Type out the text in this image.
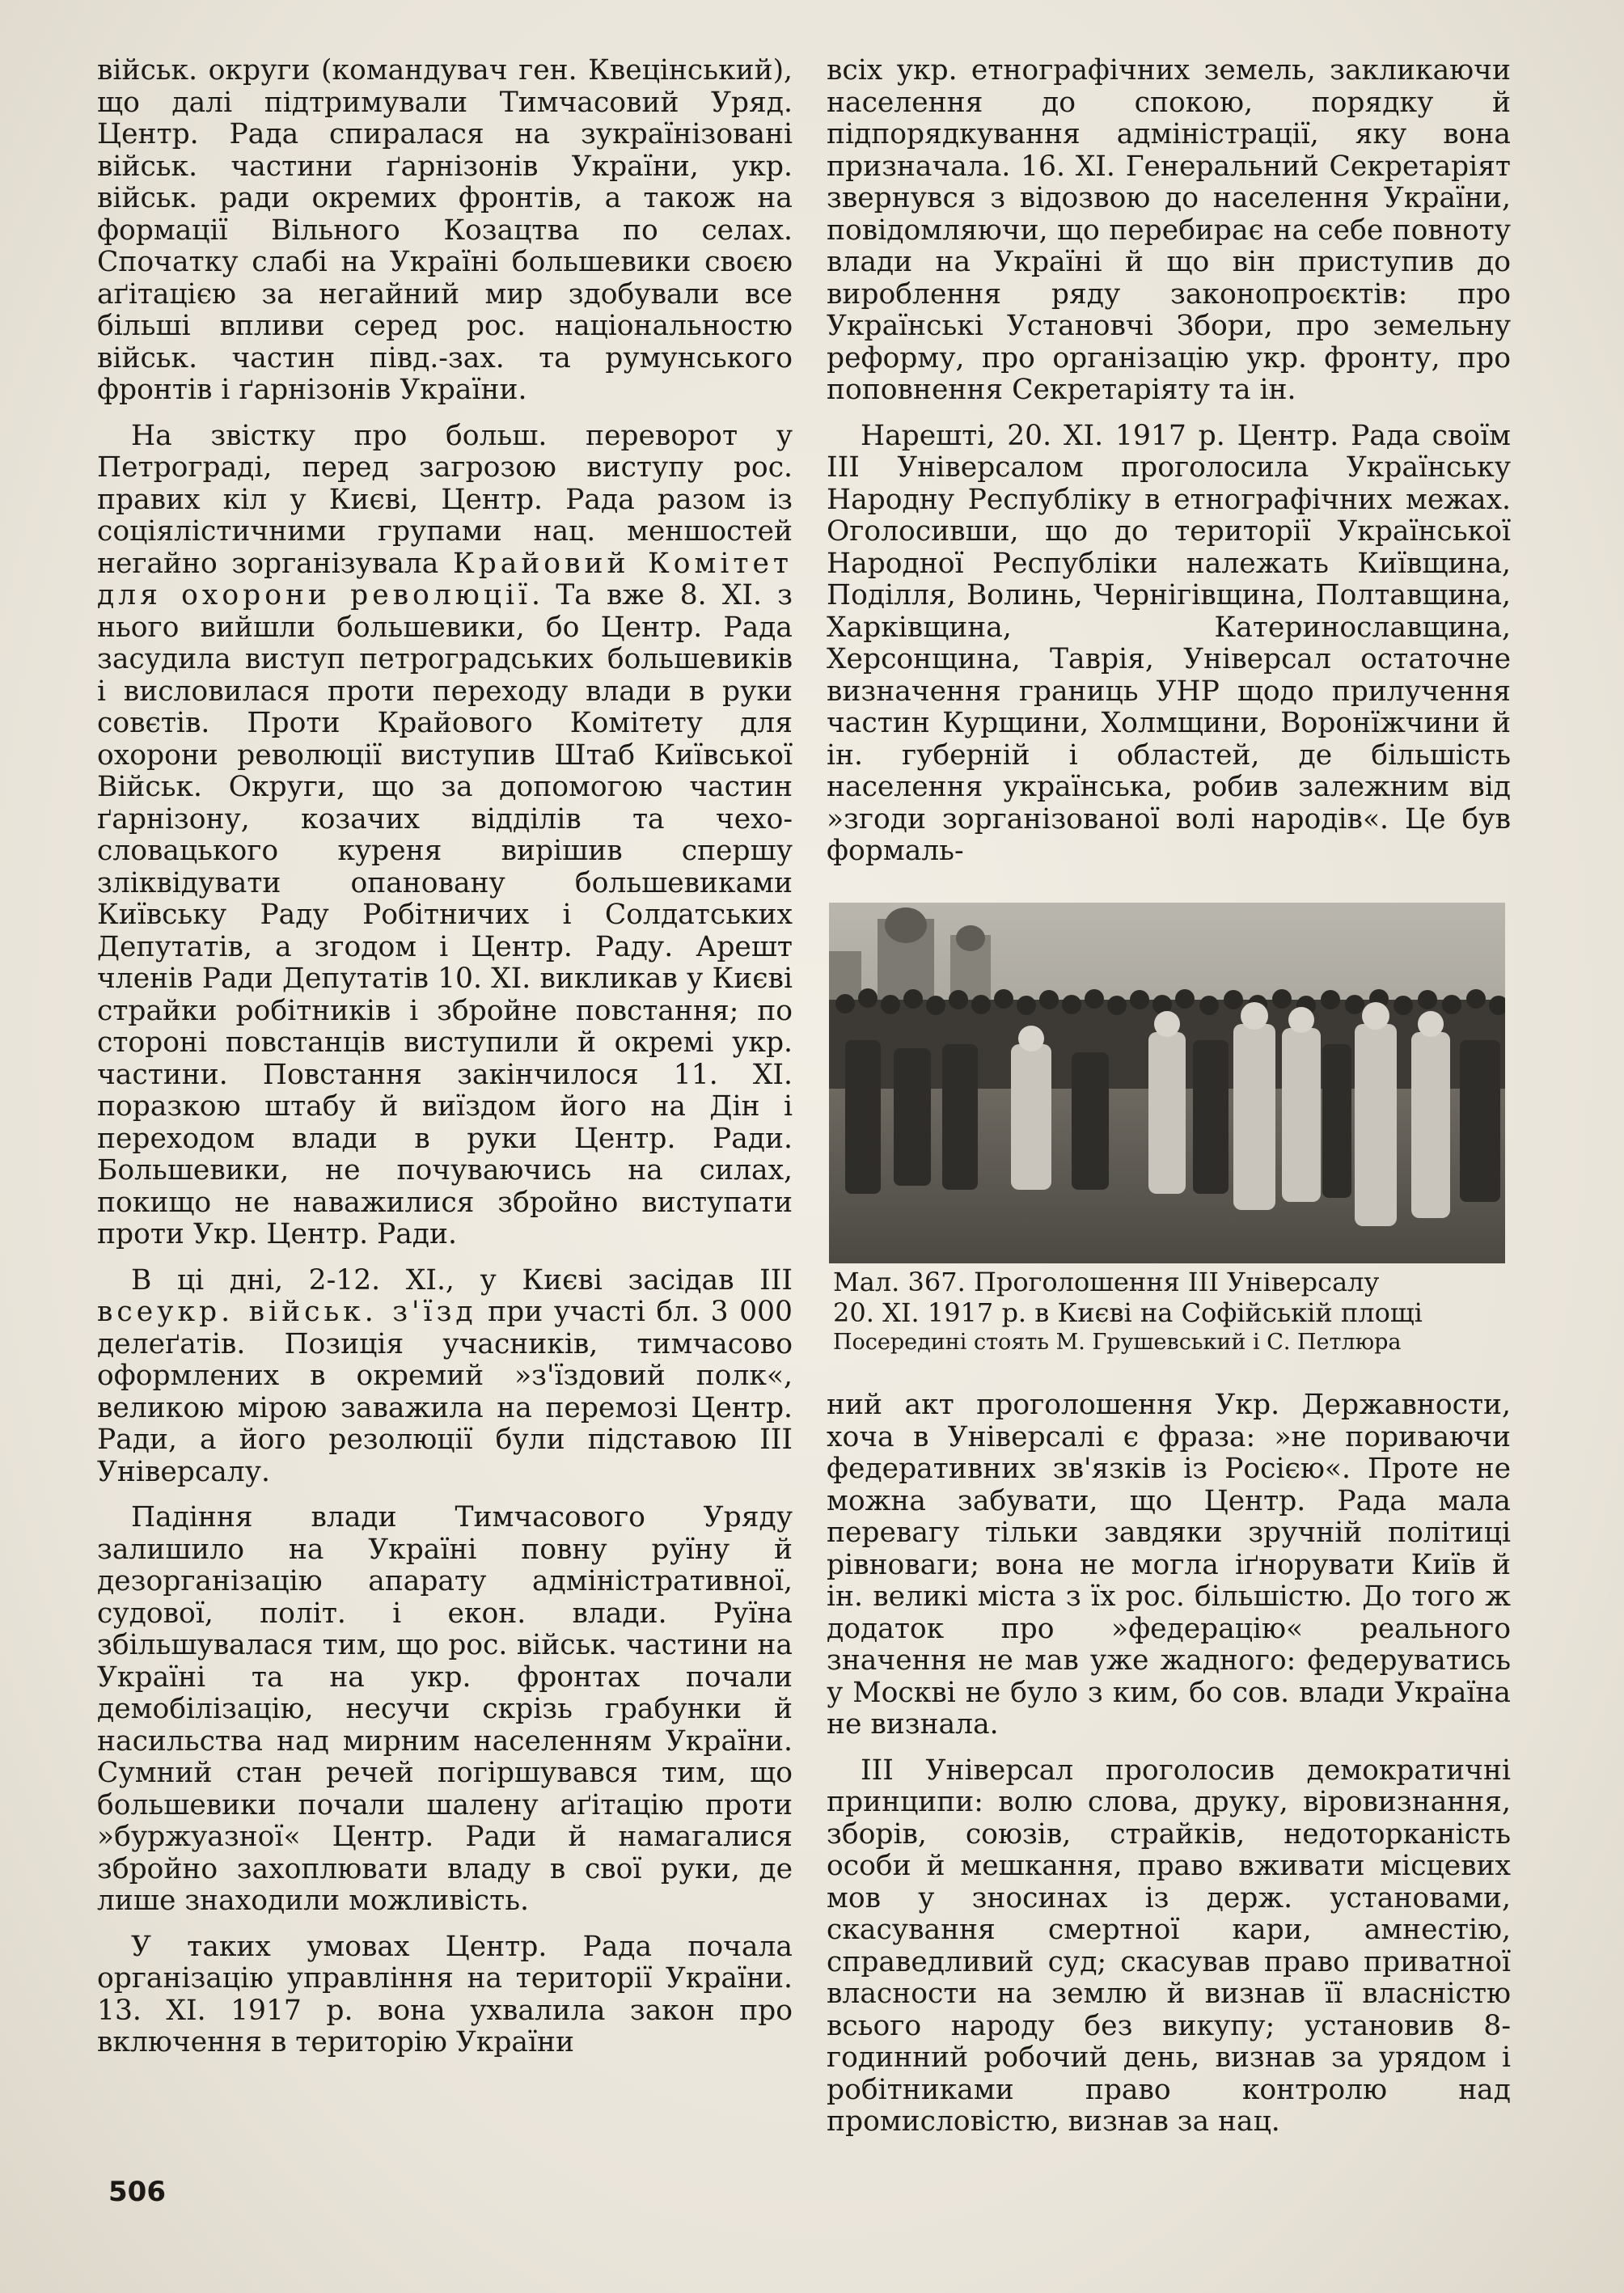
військ. округи (командувач ген. Квецінський), що далі підтримували Тимчасовий Уряд. Центр. Рада спиралася на зукраїнізовані військ. частини ґарнізонів України, укр. військ. ради окремих фронтів, а також на формації Вільного Козацтва по селах. Спочатку слабі на Україні большевики своєю аґітацією за негайний мир здобували все більші впливи серед рос. національностю військ. частин півд.-зах. та румунського фронтів і ґарнізонів України.

На звістку про больш. переворот у Петрограді, перед загрозою виступу рос. правих кіл у Києві, Центр. Рада разом із соціялістичними групами нац. меншостей негайно зорганізувала Крайовий Комітет для охорони революції. Та вже 8. XI. з нього вийшли большевики, бо Центр. Рада засудила виступ петроградських большевиків і висловилася проти переходу влади в руки совєтів. Проти Крайового Комітету для охорони революції виступив Штаб Київської Військ. Округи, що за допомогою частин ґарнізону, козачих відділів та чехо-словацького куреня вирішив спершу зліквідувати опановану большевиками Київську Раду Робітничих і Солдатських Депутатів, а згодом і Центр. Раду. Арешт членів Ради Депутатів 10. XI. викликав у Києві страйки робітників і збройне повстання; по стороні повстанців виступили й окремі укр. частини. Повстання закінчилося 11. XI. поразкою штабу й виїздом його на Дін і переходом влади в руки Центр. Ради. Большевики, не почуваючись на силах, покищо не наважилися збройно виступати проти Укр. Центр. Ради.

В ці дні, 2-12. XI., у Києві засідав III всеукр. військ. з'їзд при участі бл. 3 000 делеґатів. Позиція учасників, тимчасово оформлених в окремий »з'їздовий полк«, великою мірою заважила на перемозі Центр. Ради, а його резолюції були підставою III Універсалу.

Падіння влади Тимчасового Уряду залишило на Україні повну руїну й дезорганізацію апарату адміністративної, судової, політ. і екон. влади. Руїна збільшувалася тим, що рос. військ. частини на Україні та на укр. фронтах почали демобілізацію, несучи скрізь грабунки й насильства над мирним населенням України. Сумний стан речей погіршувався тим, що большевики почали шалену аґітацію проти »буржуазної« Центр. Ради й намагалися збройно захоплювати владу в свої руки, де лише знаходили можливість.

У таких умовах Центр. Рада почала організацію управління на території України. 13. XI. 1917 р. вона ухвалила закон про включення в територію України

всіх укр. етнографічних земель, закликаючи населення до спокою, порядку й підпорядкування адміністрації, яку вона призначала. 16. XI. Генеральний Секретаріят звернувся з відозвою до населення України, повідомляючи, що перебирає на себе повноту влади на Україні й що він приступив до вироблення ряду законопроєктів: про Українські Установчі Збори, про земельну реформу, про організацію укр. фронту, про поповнення Секретаріяту та ін.

Нарешті, 20. XI. 1917 р. Центр. Рада своїм III Універсалом проголосила Українську Народну Республіку в етнографічних межах. Оголосивши, що до території Української Народної Республіки належать Київщина, Поділля, Волинь, Чернігівщина, Полтавщина, Харківщина, Катеринославщина, Херсонщина, Таврія, Універсал остаточне визначення границь УНР щодо прилучення частин Курщини, Холмщини, Воронїжчини й ін. губерній і областей, де більшість населення українська, робив залежним від »згоди зорганізованої волі народів«. Це був формаль-

Мал. 367. Проголошення III Універсалу
20. XI. 1917 р. в Києві на Софійській площі
Посередині стоять М. Грушевський і С. Петлюра

ний акт проголошення Укр. Державности, хоча в Універсалі є фраза: »не пориваючи федеративних зв'язків із Росією«. Проте не можна забувати, що Центр. Рада мала перевагу тільки завдяки зручній політиці рівноваги; вона не могла іґнорувати Київ й ін. великі міста з їх рос. більшістю. До того ж додаток про »федерацію« реального значення не мав уже жадного: федеруватись у Москві не було з ким, бо сов. влади Україна не визнала.

III Універсал проголосив демократичні принципи: волю слова, друку, віровизнання, зборів, союзів, страйків, недоторканість особи й мешкання, право вживати місцевих мов у зносинах із держ. установами, скасування смертної кари, амнестію, справедливий суд; скасував право приватної власности на землю й визнав її власністю всього народу без викупу; установив 8-годинний робочий день, визнав за урядом і робітниками право контролю над промисловістю, визнав за нац.

506
